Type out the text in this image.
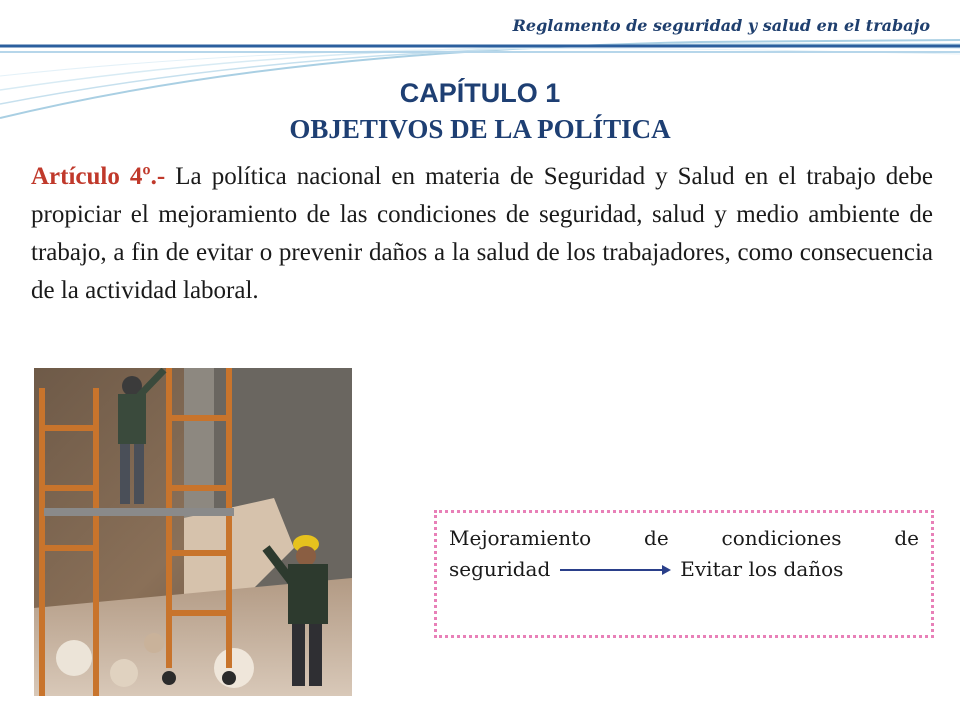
Reglamento de seguridad y salud en el trabajo
CAPÍTULO 1
OBJETIVOS DE LA POLÍTICA
Artículo 4º.- La política nacional en materia de Seguridad y Salud en el trabajo debe propiciar el mejoramiento de las condiciones de seguridad, salud y medio ambiente de trabajo, a fin de evitar o prevenir daños a la salud de los trabajadores, como consecuencia de la actividad laboral.
Mejoramiento	de	condiciones	de
seguridad	Evitar los daños
